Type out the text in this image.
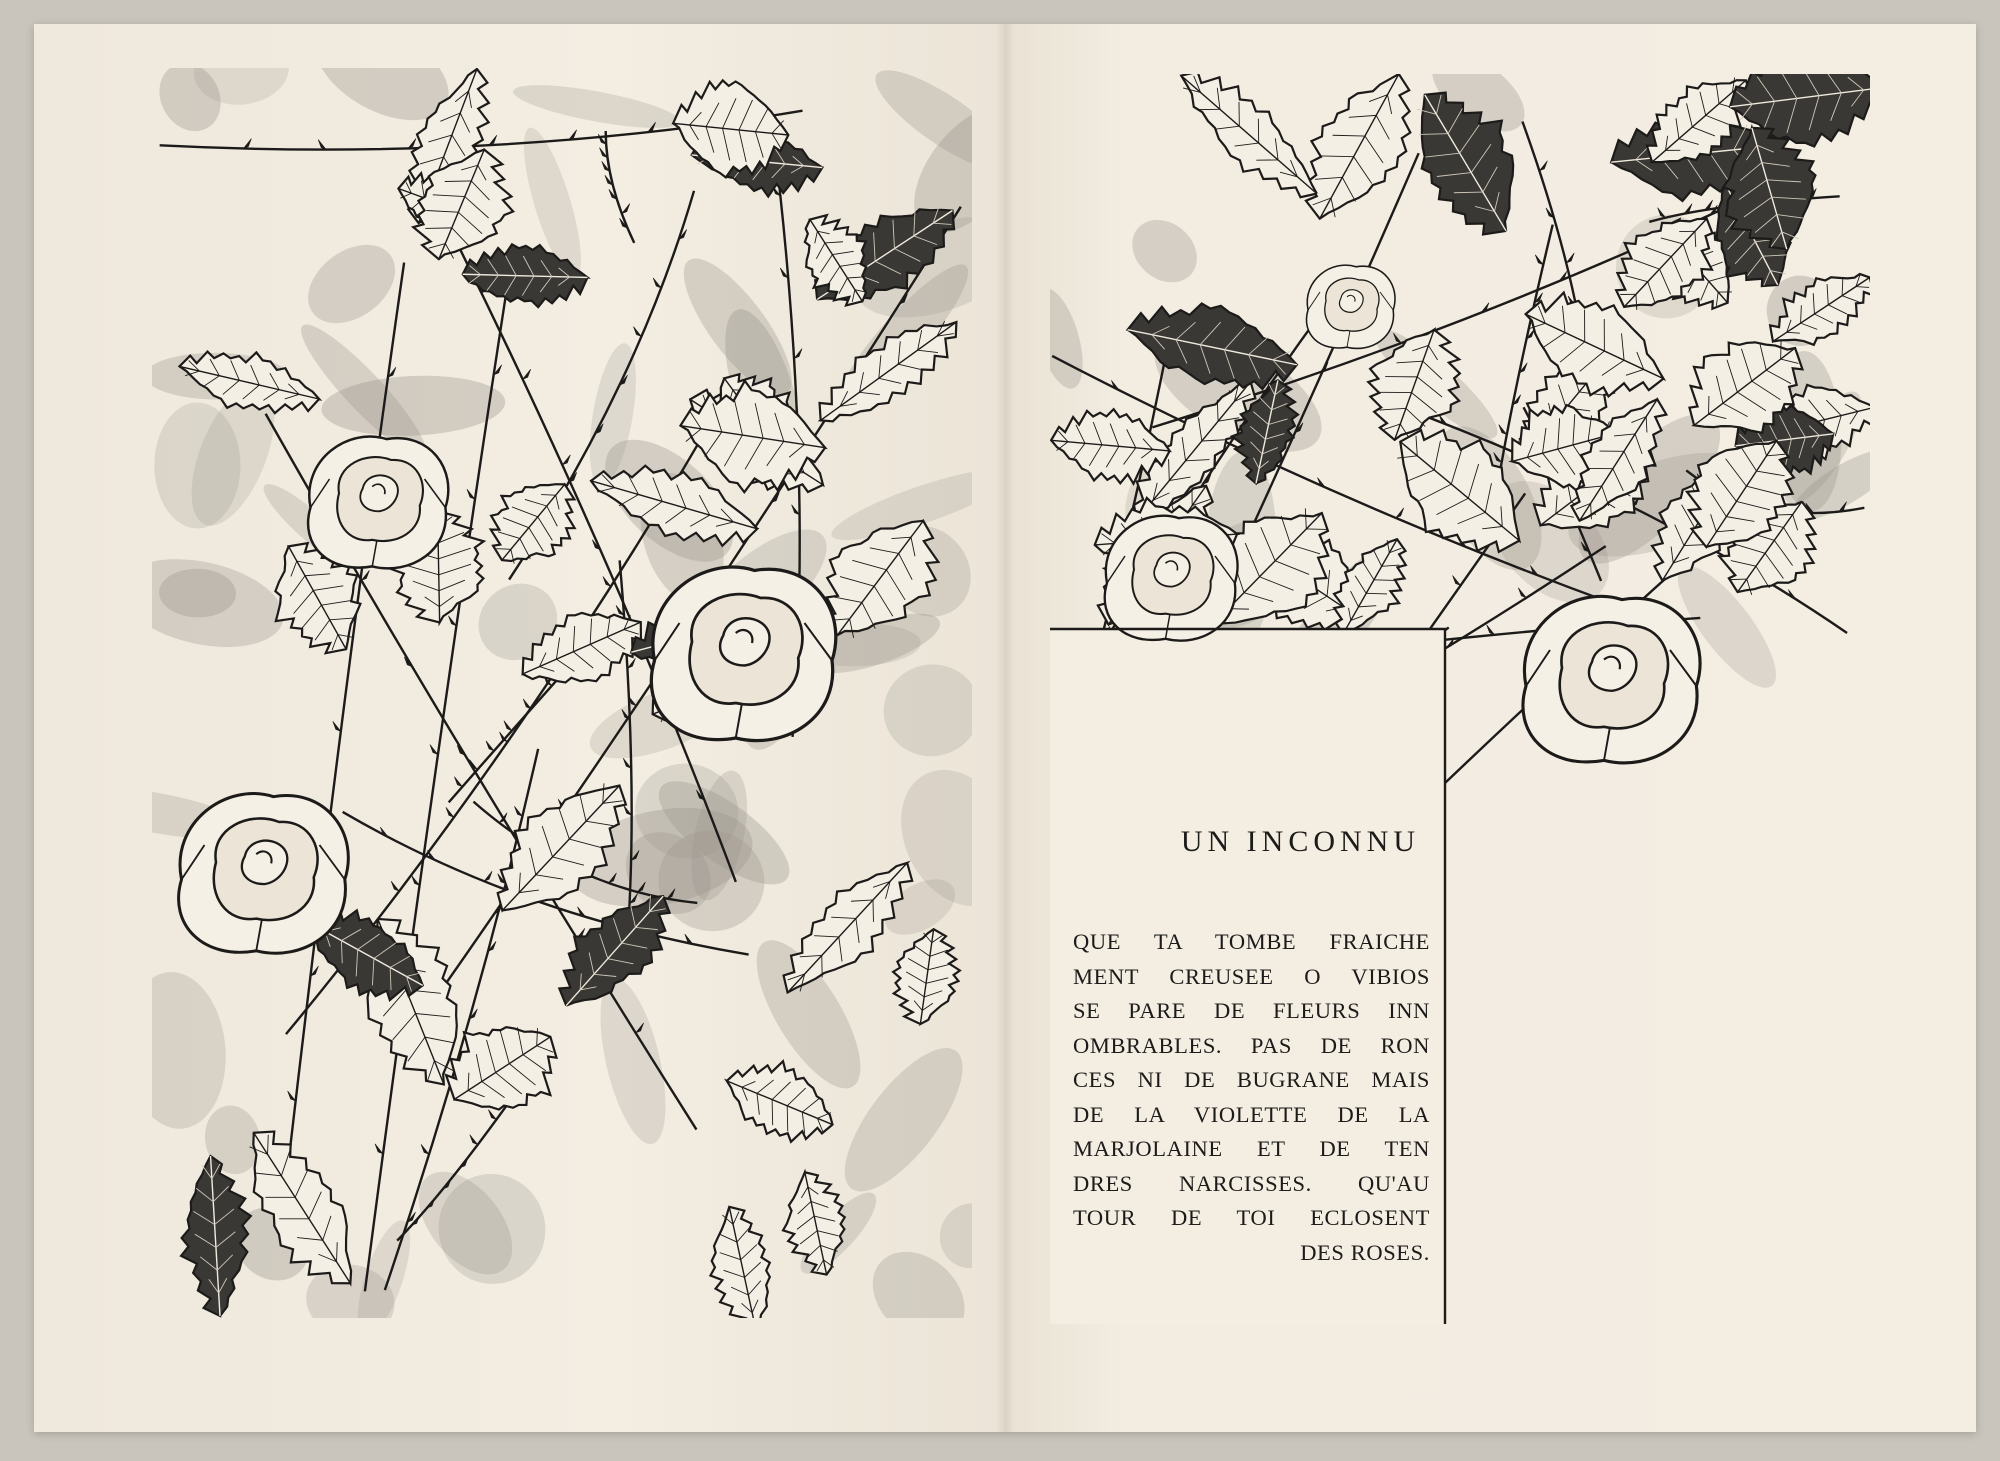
UN INCONNU
QUE TA TOMBE FRAICHE
MENT CREUSEE O VIBIOS
SE PARE DE FLEURS INN
OMBRABLES. PAS DE RON
CES NI DE BUGRANE MAIS
DE LA VIOLETTE DE LA
MARJOLAINE ET DE TEN
DRES NARCISSES. QU'AU
TOUR DE TOI ECLOSENT
DES ROSES.
